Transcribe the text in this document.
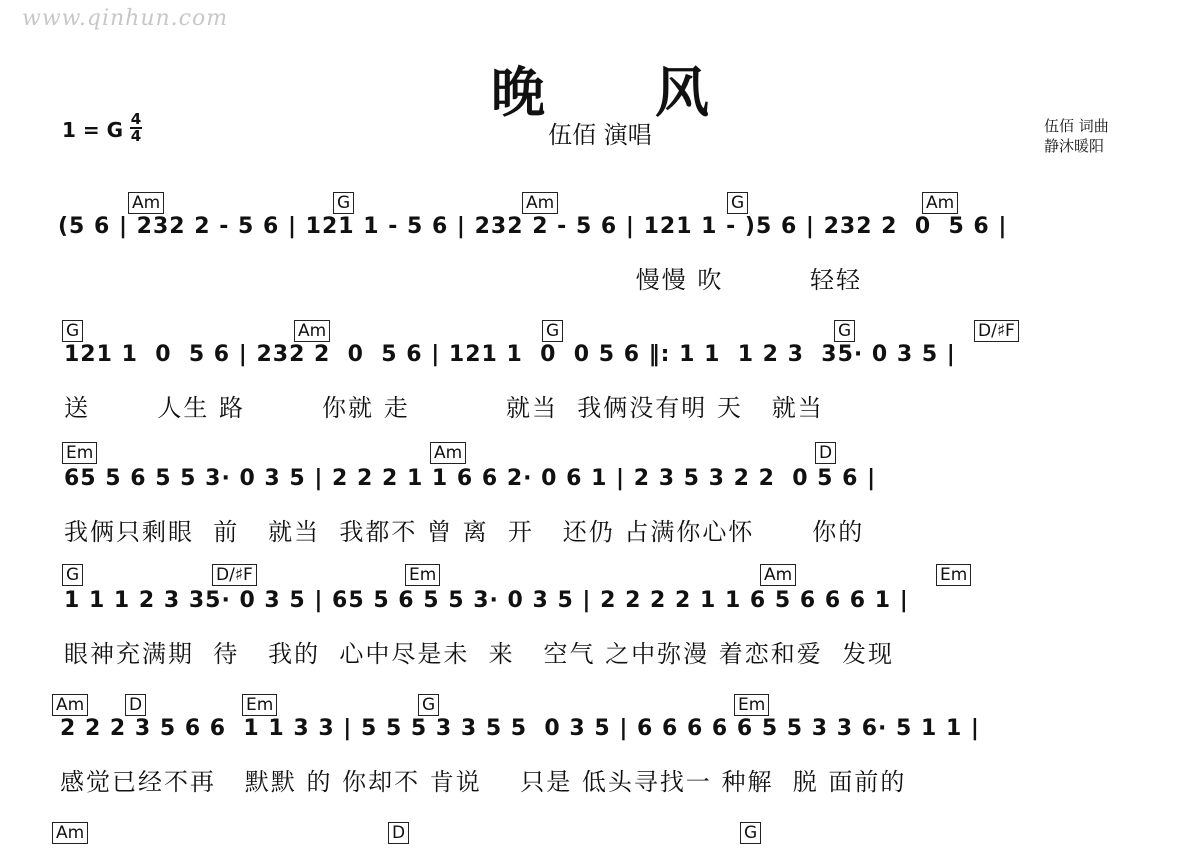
www.qinhun.com
晚风
1 = G 4
4	伍佰 演唱	伍佰 词曲
静沐暖阳
Am	G	Am	G	Am
(5 6 | 232 2 - 5 6 | 121 1 - 5 6 | 232 2 - 5 6 | 121 1 - )5 6 | 232 2  0  5 6 |
慢慢 吹         轻轻
G	Am	G	G	D/♯F
121 1  0  5 6 | 232 2  0  5 6 | 121 1  0  0 5 6 ‖: 1 1  1 2 3  35· 0 3 5 |
送       人生 路        你就 走          就当  我俩没有明 天   就当
Em	Am	D
65 5 6 5 5 3· 0 3 5 | 2 2 2 1 1 6 6 2· 0 6 1 | 2 3 5 3 2 2  0 5 6 |
我俩只剩眼  前   就当  我都不 曾 离  开   还仍 占满你心怀      你的
G	D/♯F	Em	Am	Em
1 1 1 2 3 35· 0 3 5 | 65 5 6 5 5 3· 0 3 5 | 2 2 2 2 1 1 6 5 6 6 6 1 |
眼神充满期  待   我的  心中尽是未  来   空气 之中弥漫 着恋和爱  发现
Am	D	Em	G	Em
2 2 2 3 5 6 6  1 1 3 3 | 5 5 5 3 3 5 5  0 3 5 | 6 6 6 6 6 5 5 3 3 6· 5 1 1 |
感觉已经不再   默默 的 你却不 肯说    只是 低头寻找一 种解  脱 面前的
Am	D	G
